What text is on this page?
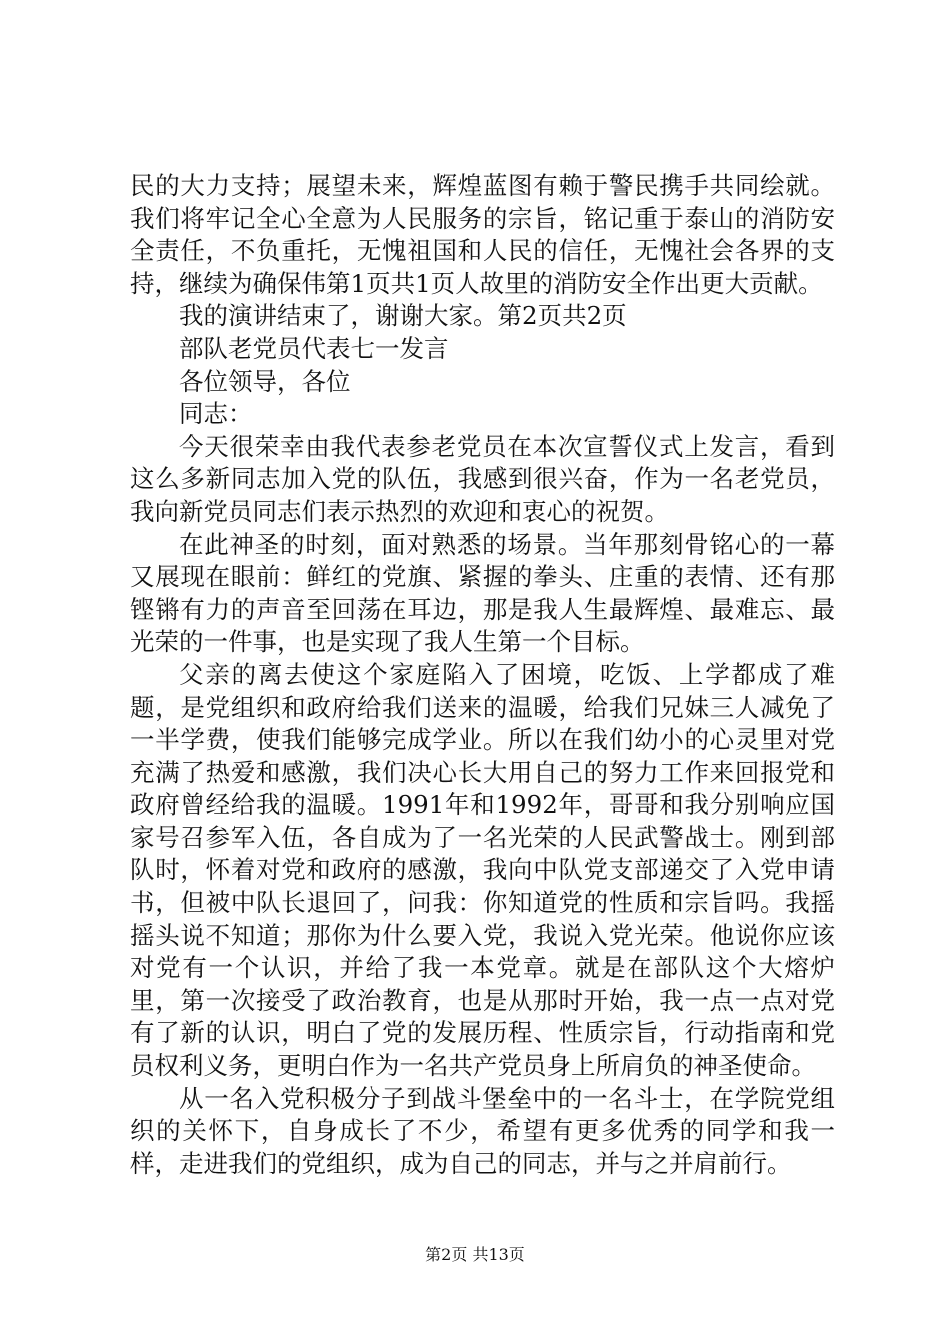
民的大力支持；展望未来，辉煌蓝图有赖于警民携手共同绘就。我们将牢记全心全意为人民服务的宗旨，铭记重于泰山的消防安全责任，不负重托，无愧祖国和人民的信任，无愧社会各界的支持，继续为确保伟第1页共1页人故里的消防安全作出更大贡献。

我的演讲结束了，谢谢大家。第2页共2页

部队老党员代表七一发言

各位领导，各位

同志：

今天很荣幸由我代表参老党员在本次宣誓仪式上发言，看到这么多新同志加入党的队伍，我感到很兴奋，作为一名老党员，我向新党员同志们表示热烈的欢迎和衷心的祝贺。

在此神圣的时刻，面对熟悉的场景。当年那刻骨铭心的一幕又展现在眼前：鲜红的党旗、紧握的拳头、庄重的表情、还有那铿锵有力的声音至回荡在耳边，那是我人生最辉煌、最难忘、最光荣的一件事，也是实现了我人生第一个目标。

父亲的离去使这个家庭陷入了困境，吃饭、上学都成了难题，是党组织和政府给我们送来的温暖，给我们兄妹三人减免了一半学费，使我们能够完成学业。所以在我们幼小的心灵里对党充满了热爱和感激，我们决心长大用自己的努力工作来回报党和政府曾经给我的温暖。1991年和1992年，哥哥和我分别响应国家号召参军入伍，各自成为了一名光荣的人民武警战士。刚到部队时，怀着对党和政府的感激，我向中队党支部递交了入党申请书，但被中队长退回了，问我：你知道党的性质和宗旨吗。我摇摇头说不知道；那你为什么要入党，我说入党光荣。他说你应该对党有一个认识，并给了我一本党章。就是在部队这个大熔炉里，第一次接受了政治教育，也是从那时开始，我一点一点对党有了新的认识，明白了党的发展历程、性质宗旨，行动指南和党员权利义务，更明白作为一名共产党员身上所肩负的神圣使命。

从一名入党积极分子到战斗堡垒中的一名斗士，在学院党组织的关怀下，自身成长了不少，希望有更多优秀的同学和我一样，走进我们的党组织，成为自己的同志，并与之并肩前行。

第2页 共13页
